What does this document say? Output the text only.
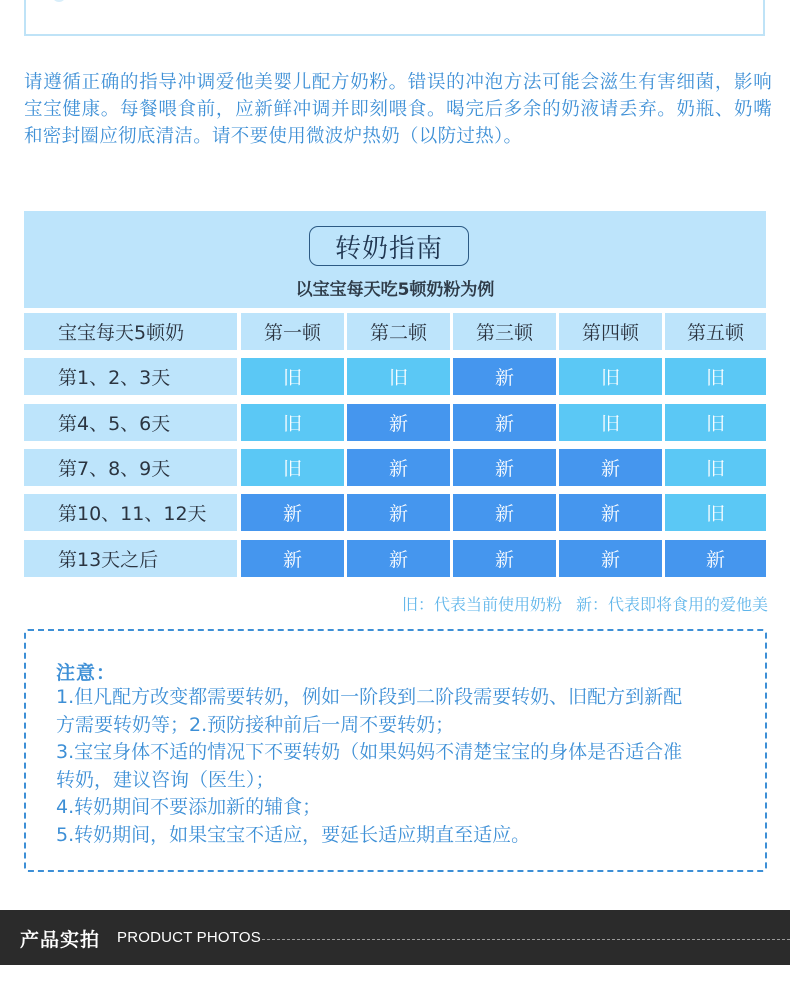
请遵循正确的指导冲调爱他美婴儿配方奶粉。错误的冲泡方法可能会滋生有害细菌，影响宝宝健康。每餐喂食前，应新鲜冲调并即刻喂食。喝完后多余的奶液请丢弃。奶瓶、奶嘴和密封圈应彻底清洁。请不要使用微波炉热奶（以防过热）。
转奶指南
以宝宝每天吃5顿奶粉为例
宝宝每天5顿奶	第一顿	第二顿	第三顿	第四顿	第五顿
第1、2、3天	旧	旧	新	旧	旧
第4、5、6天	旧	新	新	旧	旧
第7、8、9天	旧	新	新	新	旧
第10、11、12天	新	新	新	新	旧
第13天之后	新	新	新	新	新
旧：代表当前使用奶粉 新：代表即将食用的爱他美
注意：
1.但凡配方改变都需要转奶，例如一阶段到二阶段需要转奶、旧配方到新配
方需要转奶等；2.预防接种前后一周不要转奶；
3.宝宝身体不适的情况下不要转奶（如果妈妈不清楚宝宝的身体是否适合准
转奶，建议咨询（医生）；
4.转奶期间不要添加新的辅食；
5.转奶期间，如果宝宝不适应，要延长适应期直至适应。
产品实拍 PRODUCT PHOTOS
